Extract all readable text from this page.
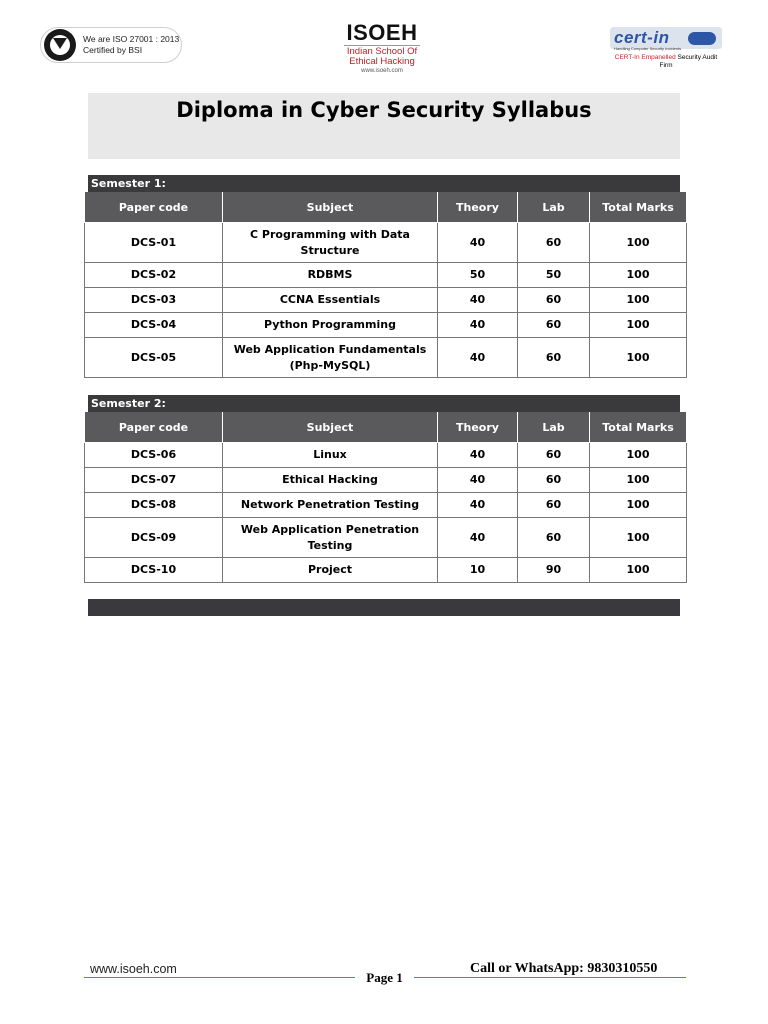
We are ISO 27001 : 2013
Certified by BSI
ISOEH
Indian School Of
Ethical Hacking
www.isoeh.com
cert-in
Handling Computer Security Incidents
CERT-In Empanelled Security Audit
Firm
Diploma in Cyber Security Syllabus
Semester 1:
Paper code	Subject	Theory	Lab	Total Marks
DCS-01	C Programming with Data Structure	40	60	100
DCS-02	RDBMS	50	50	100
DCS-03	CCNA Essentials	40	60	100
DCS-04	Python Programming	40	60	100
DCS-05	Web Application Fundamentals (Php-MySQL)	40	60	100
Semester 2:
Paper code	Subject	Theory	Lab	Total Marks
DCS-06	Linux	40	60	100
DCS-07	Ethical Hacking	40	60	100
DCS-08	Network Penetration Testing	40	60	100
DCS-09	Web Application Penetration Testing	40	60	100
DCS-10	Project	10	90	100
www.isoeh.com
Page 1
Call or WhatsApp: 9830310550
